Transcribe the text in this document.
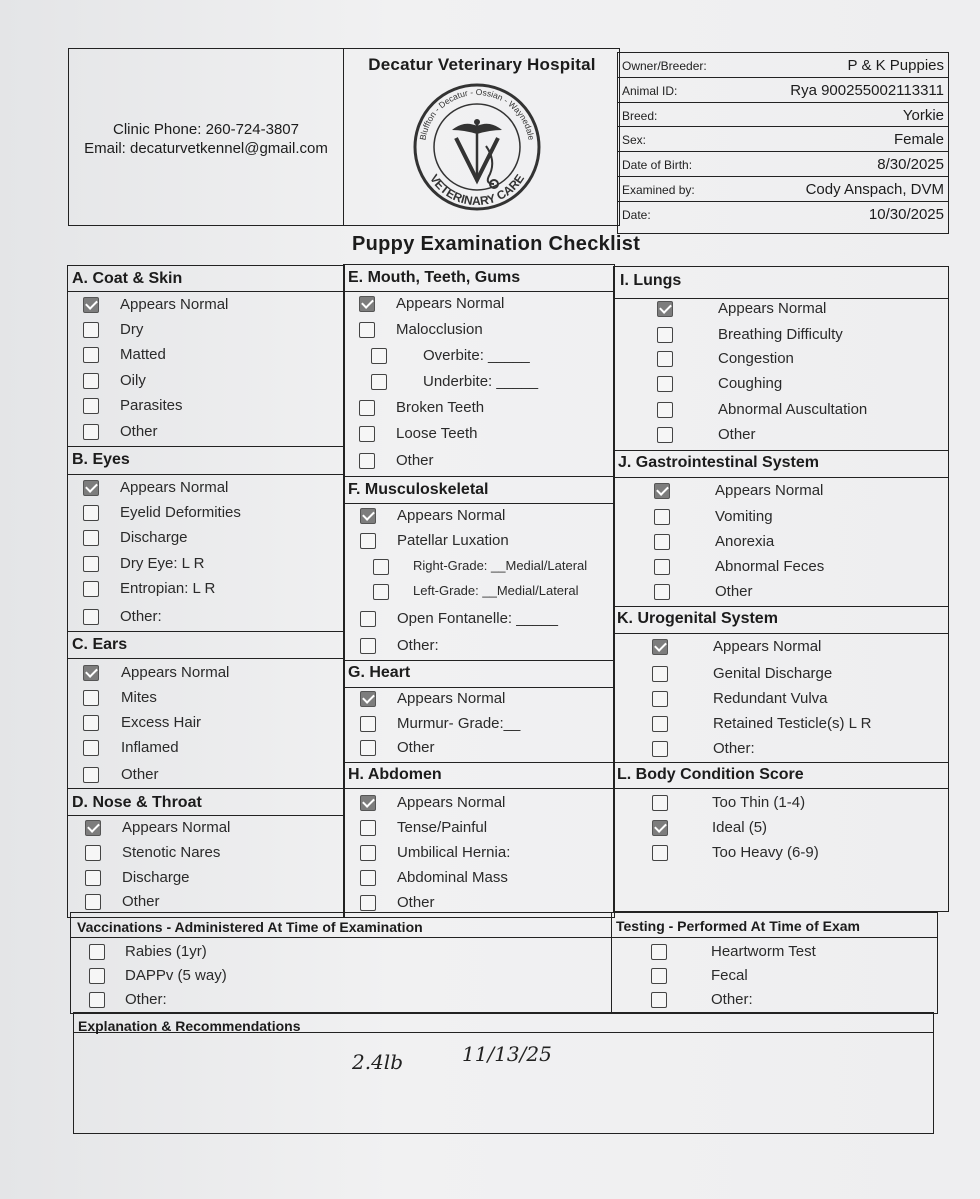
Clinic Phone: 260-724-3807
Email: decaturvetkennel@gmail.com
Decatur Veterinary Hospital
Bluffton - Decatur - Ossian - Waynedale
VETERINARY CARE
Owner/Breeder:	P & K Puppies
Animal ID:	Rya 900255002113311
Breed:	Yorkie
Sex:	Female
Date of Birth:	8/30/2025
Examined by:	Cody Anspach, DVM
Date:	10/30/2025
Puppy Examination Checklist
A. Coat & Skin
Appears Normal
Dry
Matted
Oily
Parasites
Other
B. Eyes
Appears Normal
Eyelid Deformities
Discharge
Dry Eye: L R
Entropian: L R
Other:
C. Ears
Appears Normal
Mites
Excess Hair
Inflamed
Other
D. Nose & Throat
Appears Normal
Stenotic Nares
Discharge
Other
E. Mouth, Teeth, Gums
Appears Normal
Malocclusion
Overbite: _____
Underbite: _____
Broken Teeth
Loose Teeth
Other
F. Musculoskeletal
Appears Normal
Patellar Luxation
Right-Grade: __Medial/Lateral
Left-Grade: __Medial/Lateral
Open Fontanelle: _____
Other:
G. Heart
Appears Normal
Murmur- Grade:__
Other
H. Abdomen
Appears Normal
Tense/Painful
Umbilical Hernia:
Abdominal Mass
Other
I. Lungs
Appears Normal
Breathing Difficulty
Congestion
Coughing
Abnormal Auscultation
Other
J. Gastrointestinal System
Appears Normal
Vomiting
Anorexia
Abnormal Feces
Other
K. Urogenital System
Appears Normal
Genital Discharge
Redundant Vulva
Retained Testicle(s) L R
Other:
L. Body Condition Score
Too Thin (1-4)
Ideal (5)
Too Heavy (6-9)
Rabies (1yr)
DAPPv (5 way)
Other:
Heartworm Test
Fecal
Other:
Vaccinations - Administered At Time of Examination	Testing - Performed At Time of Exam
Explanation & Recommendations
2.4lb	11/13/25
